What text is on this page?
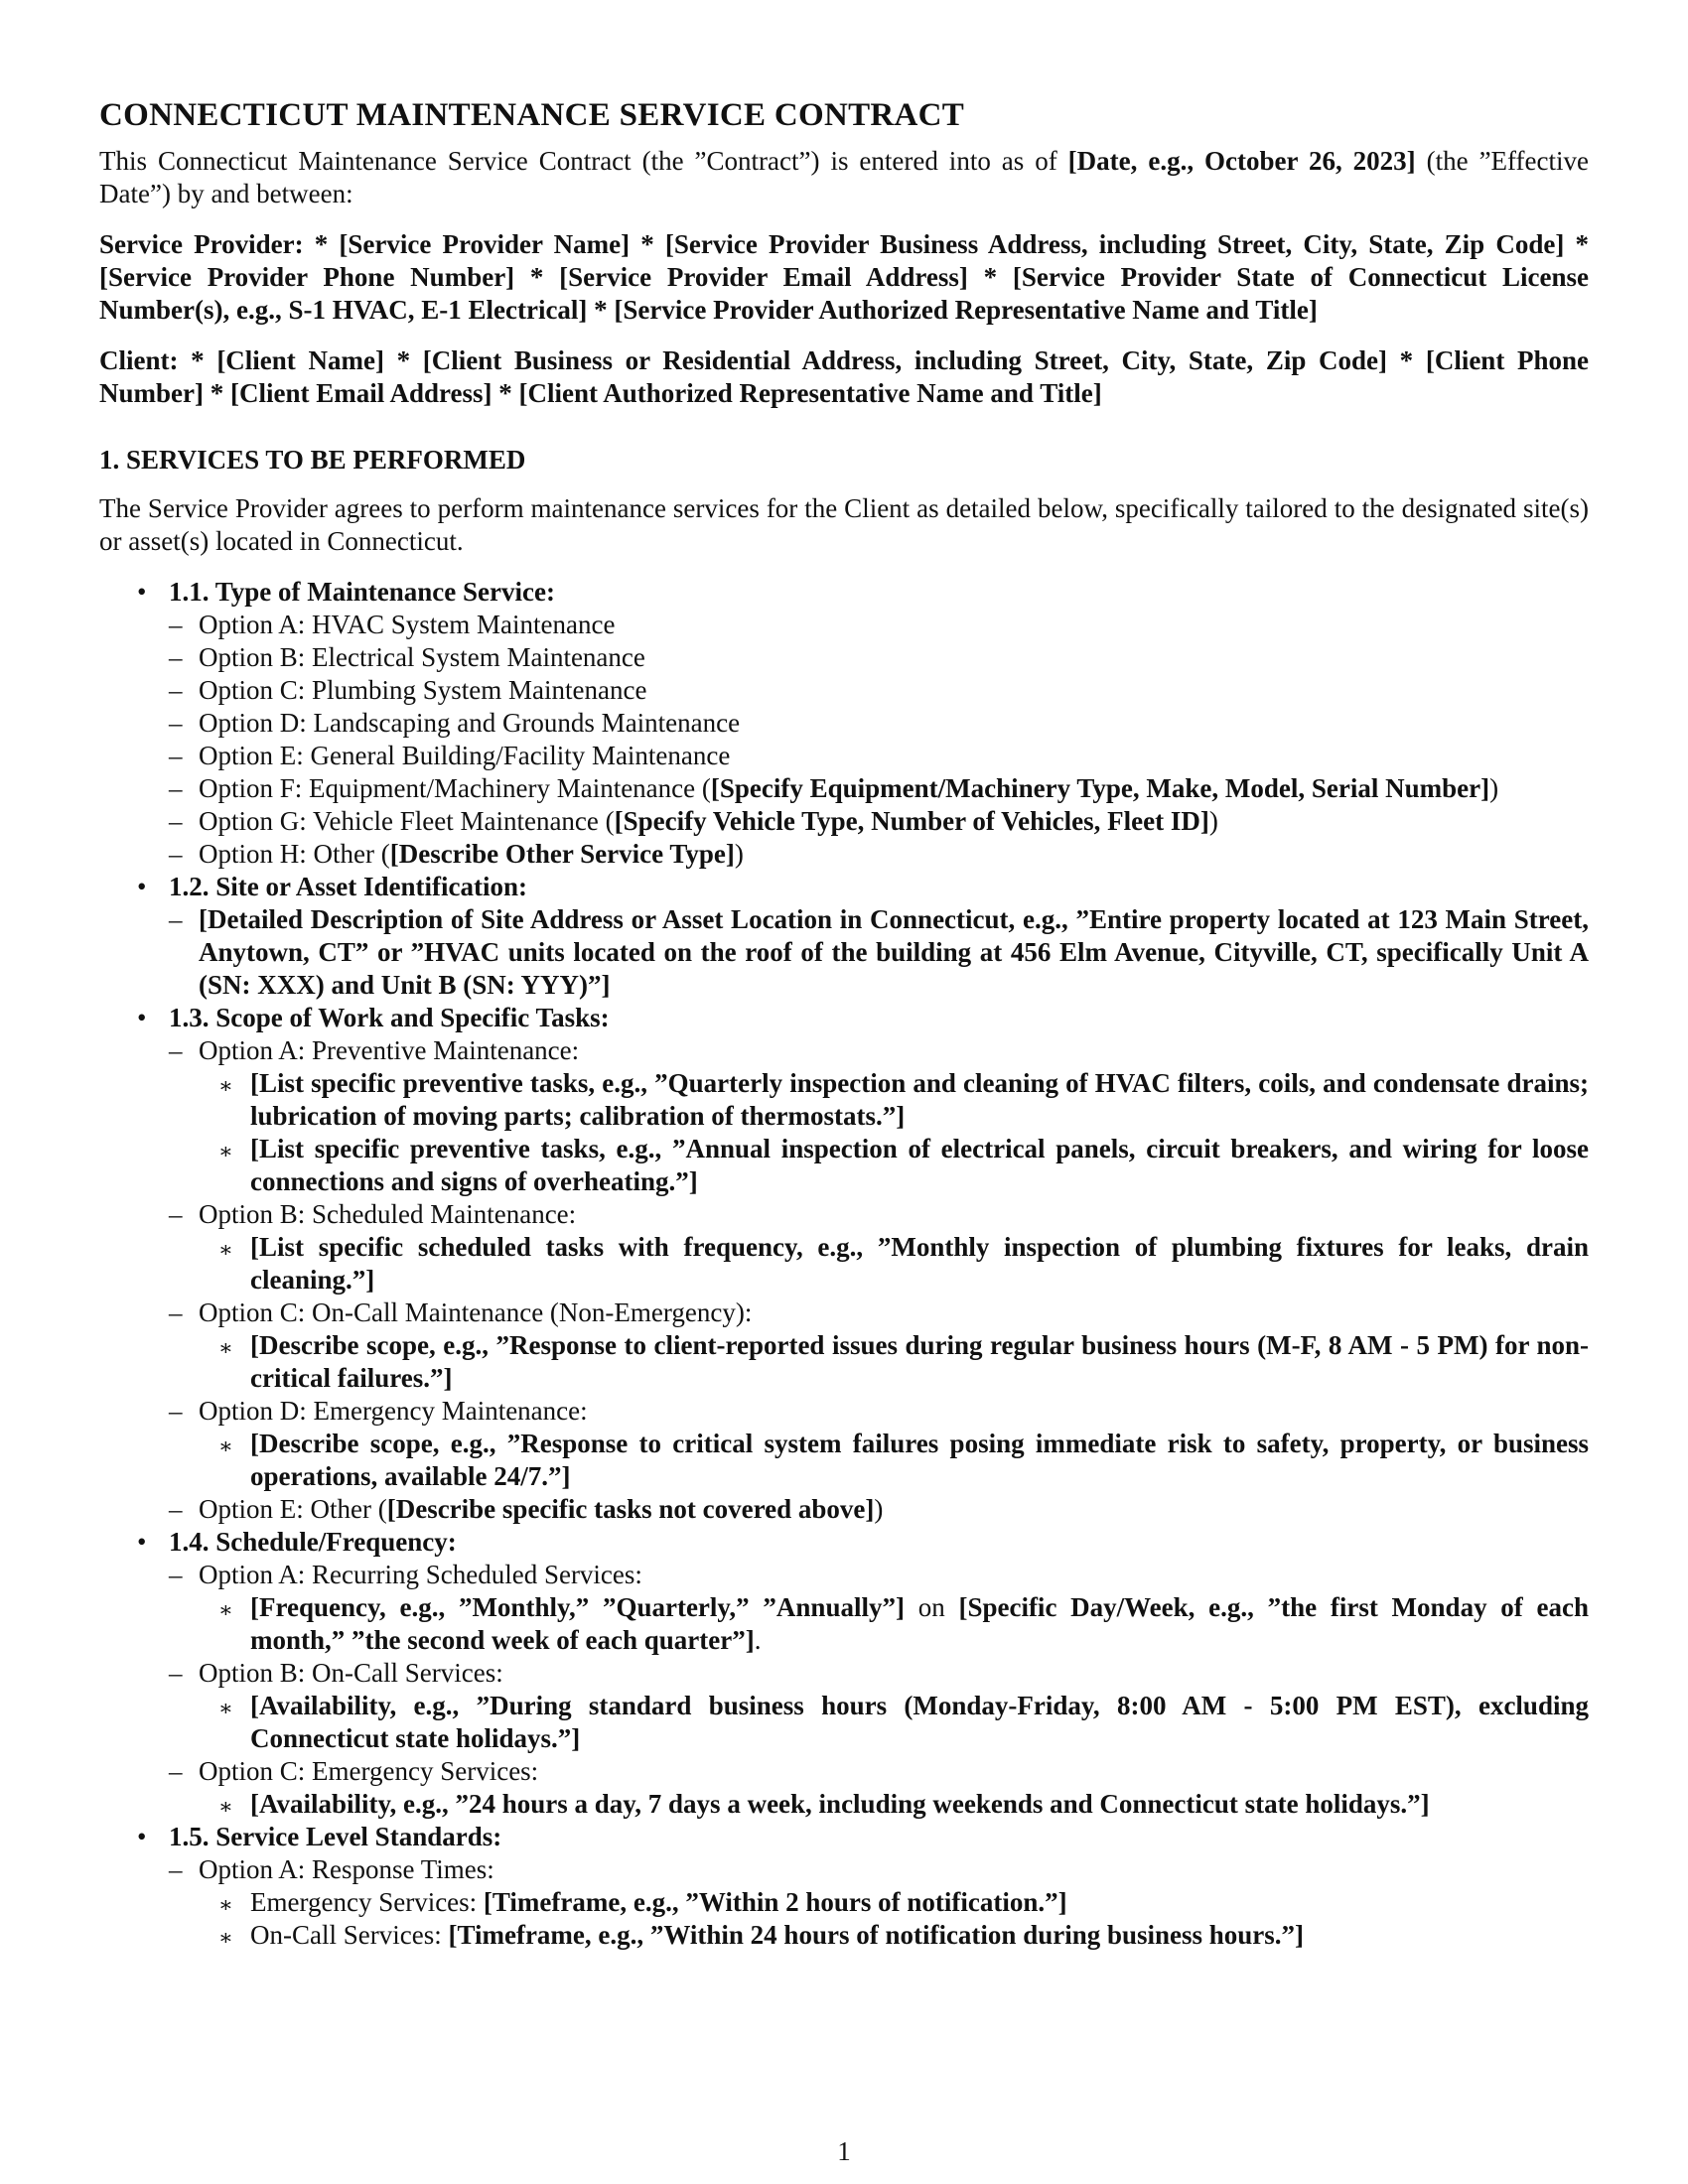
CONNECTICUT MAINTENANCE SERVICE CONTRACT

This Connecticut Maintenance Service Contract (the ”Contract”) is entered into as of [Date, e.g., October 26, 2023] (the ”Effective Date”) by and between:

Service Provider: * [Service Provider Name] * [Service Provider Business Address, including Street, City, State, Zip Code] * [Service Provider Phone Number] * [Service Provider Email Address] * [Service Provider State of Connecticut License Number(s), e.g., S-1 HVAC, E-1 Electrical] * [Service Provider Authorized Representative Name and Title]

Client: * [Client Name] * [Client Business or Residential Address, including Street, City, State, Zip Code] * [Client Phone Number] * [Client Email Address] * [Client Authorized Representative Name and Title]

1. SERVICES TO BE PERFORMED

The Service Provider agrees to perform maintenance services for the Client as detailed below, specifically tailored to the designated site(s) or asset(s) located in Connecticut.

• 1.1. Type of Maintenance Service:
– Option A: HVAC System Maintenance
– Option B: Electrical System Maintenance
– Option C: Plumbing System Maintenance
– Option D: Landscaping and Grounds Maintenance
– Option E: General Building/Facility Maintenance
– Option F: Equipment/Machinery Maintenance ([Specify Equipment/Machinery Type, Make, Model, Serial Number])
– Option G: Vehicle Fleet Maintenance ([Specify Vehicle Type, Number of Vehicles, Fleet ID])
– Option H: Other ([Describe Other Service Type])
• 1.2. Site or Asset Identification:
– [Detailed Description of Site Address or Asset Location in Connecticut, e.g., ”Entire property located at 123 Main Street, Anytown, CT” or ”HVAC units located on the roof of the building at 456 Elm Avenue, Cityville, CT, specifically Unit A (SN: XXX) and Unit B (SN: YYY)”]
• 1.3. Scope of Work and Specific Tasks:
– Option A: Preventive Maintenance:
∗ [List specific preventive tasks, e.g., ”Quarterly inspection and cleaning of HVAC filters, coils, and condensate drains; lubrication of moving parts; calibration of thermostats.”]
∗ [List specific preventive tasks, e.g., ”Annual inspection of electrical panels, circuit breakers, and wiring for loose connections and signs of overheating.”]
– Option B: Scheduled Maintenance:
∗ [List specific scheduled tasks with frequency, e.g., ”Monthly inspection of plumbing fixtures for leaks, drain cleaning.”]
– Option C: On-Call Maintenance (Non-Emergency):
∗ [Describe scope, e.g., ”Response to client-reported issues during regular business hours (M-F, 8 AM - 5 PM) for non-critical failures.”]
– Option D: Emergency Maintenance:
∗ [Describe scope, e.g., ”Response to critical system failures posing immediate risk to safety, property, or business operations, available 24/7.”]
– Option E: Other ([Describe specific tasks not covered above])
• 1.4. Schedule/Frequency:
– Option A: Recurring Scheduled Services:
∗ [Frequency, e.g., ”Monthly,” ”Quarterly,” ”Annually”] on [Specific Day/Week, e.g., ”the first Monday of each month,” ”the second week of each quarter”].
– Option B: On-Call Services:
∗ [Availability, e.g., ”During standard business hours (Monday-Friday, 8:00 AM - 5:00 PM EST), excluding Connecticut state holidays.”]
– Option C: Emergency Services:
∗ [Availability, e.g., ”24 hours a day, 7 days a week, including weekends and Connecticut state holidays.”]
• 1.5. Service Level Standards:
– Option A: Response Times:
∗ Emergency Services: [Timeframe, e.g., ”Within 2 hours of notification.”]
∗ On-Call Services: [Timeframe, e.g., ”Within 24 hours of notification during business hours.”]
1
